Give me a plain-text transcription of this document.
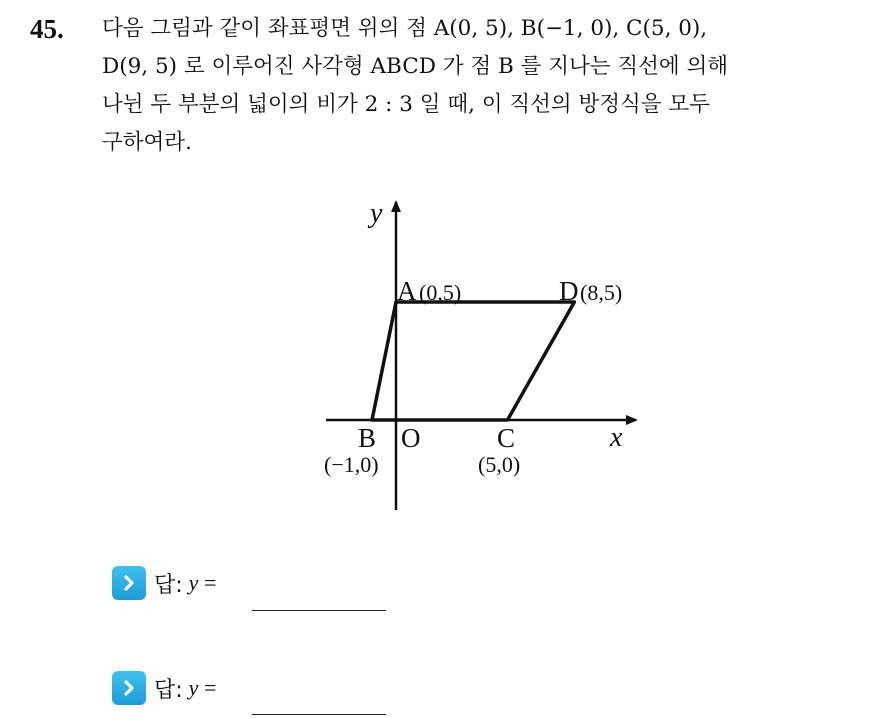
45. 다음 그림과 같이 좌표평면 위의 점 A(0, 5), B(−1, 0), C(5, 0),
D(9, 5) 로 이루어진 사각형 ABCD 가 점 B 를 지나는 직선에 의해
나뉜 두 부분의 넓이의 비가 2 : 3 일 때, 이 직선의 방정식을 모두
구하여라.
y
x
O
A (0,5)	D (8,5)
B
(−1,0)
C
(5,0)
답: y =
답: y =
